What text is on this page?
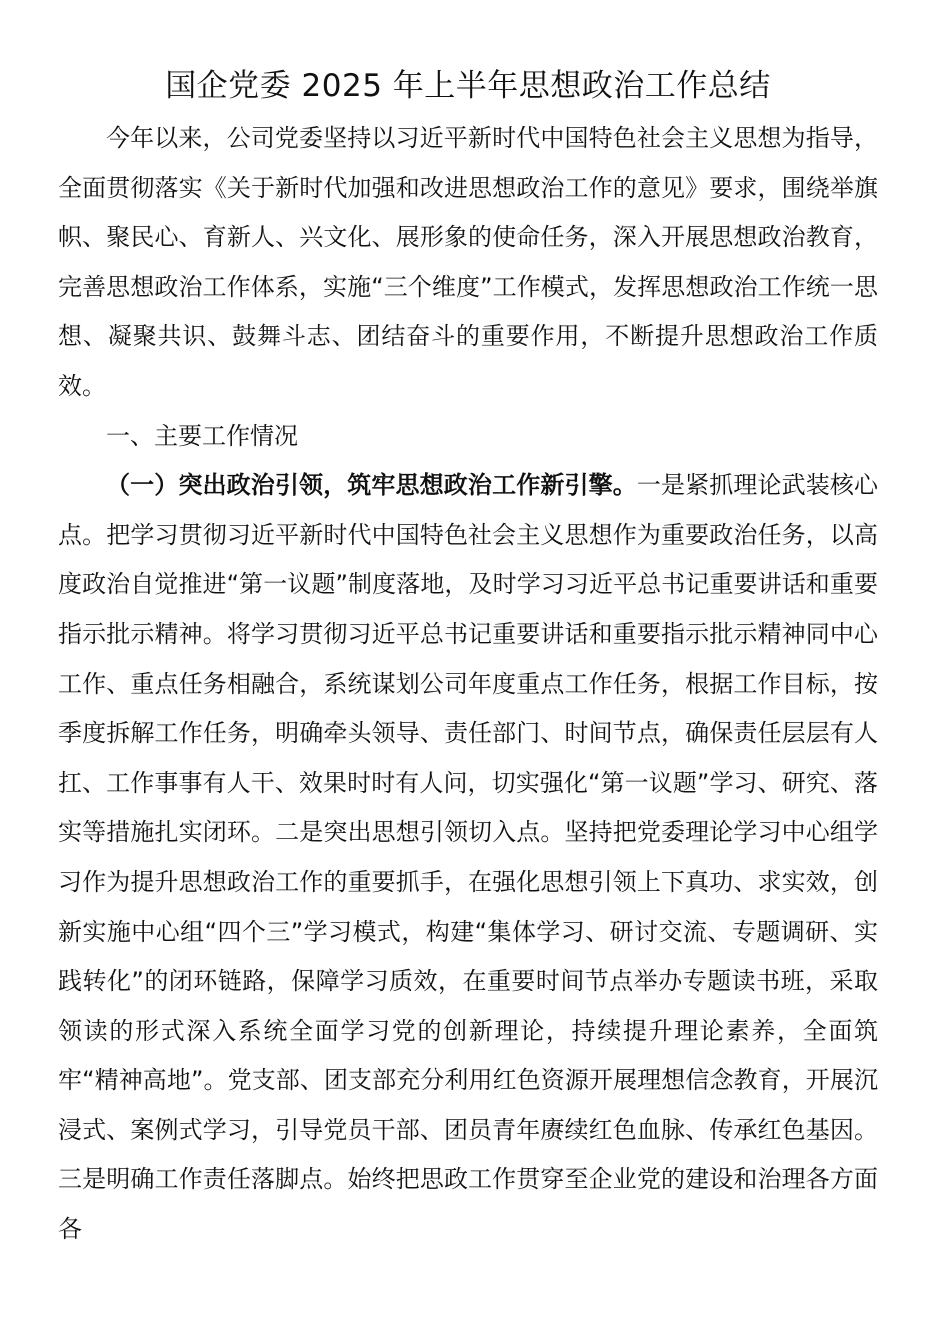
国企党委 2025 年上半年思想政治工作总结

今年以来，公司党委坚持以习近平新时代中国特色社会主义思想为指导，全面贯彻落实《关于新时代加强和改进思想政治工作的意见》要求，围绕举旗帜、聚民心、育新人、兴文化、展形象的使命任务，深入开展思想政治教育，完善思想政治工作体系，实施“三个维度”工作模式，发挥思想政治工作统一思想、凝聚共识、鼓舞斗志、团结奋斗的重要作用，不断提升思想政治工作质效。

一、主要工作情况

（一）突出政治引领，筑牢思想政治工作新引擎。一是紧抓理论武装核心点。把学习贯彻习近平新时代中国特色社会主义思想作为重要政治任务，以高度政治自觉推进“第一议题”制度落地，及时学习习近平总书记重要讲话和重要指示批示精神。将学习贯彻习近平总书记重要讲话和重要指示批示精神同中心工作、重点任务相融合，系统谋划公司年度重点工作任务，根据工作目标，按季度拆解工作任务，明确牵头领导、责任部门、时间节点，确保责任层层有人扛、工作事事有人干、效果时时有人问，切实强化“第一议题”学习、研究、落实等措施扎实闭环。二是突出思想引领切入点。坚持把党委理论学习中心组学习作为提升思想政治工作的重要抓手，在强化思想引领上下真功、求实效，创新实施中心组“四个三”学习模式，构建“集体学习、研讨交流、专题调研、实践转化”的闭环链路，保障学习质效，在重要时间节点举办专题读书班，采取领读的形式深入系统全面学习党的创新理论，持续提升理论素养，全面筑牢“精神高地”。党支部、团支部充分利用红色资源开展理想信念教育，开展沉浸式、案例式学习，引导党员干部、团员青年赓续红色血脉、传承红色基因。三是明确工作责任落脚点。始终把思政工作贯穿至企业党的建设和治理各方面各
